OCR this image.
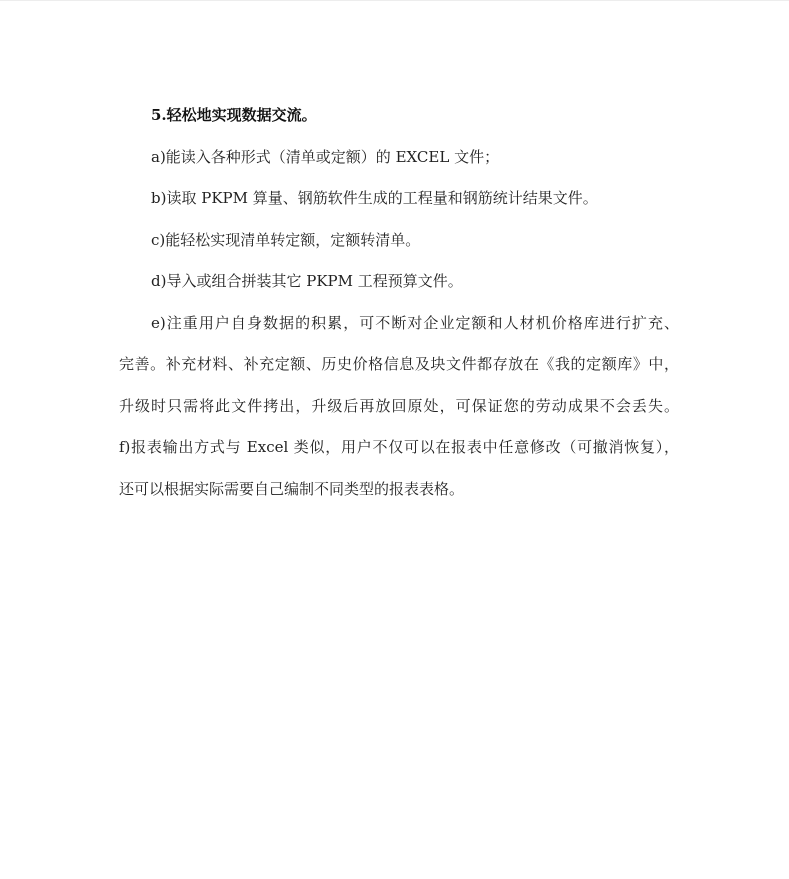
5.轻松地实现数据交流。
a)能读入各种形式（清单或定额）的 EXCEL 文件；
b)读取 PKPM 算量、钢筋软件生成的工程量和钢筋统计结果文件。
c)能轻松实现清单转定额，定额转清单。
d)导入或组合拼装其它 PKPM 工程预算文件。
e)注重用户自身数据的积累，可不断对企业定额和人材机价格库进行扩充、
完善。补充材料、补充定额、历史价格信息及块文件都存放在《我的定额库》中，
升级时只需将此文件拷出，升级后再放回原处，可保证您的劳动成果不会丢失。
f)报表输出方式与 Excel 类似，用户不仅可以在报表中任意修改（可撤消恢复），
还可以根据实际需要自己编制不同类型的报表表格。
